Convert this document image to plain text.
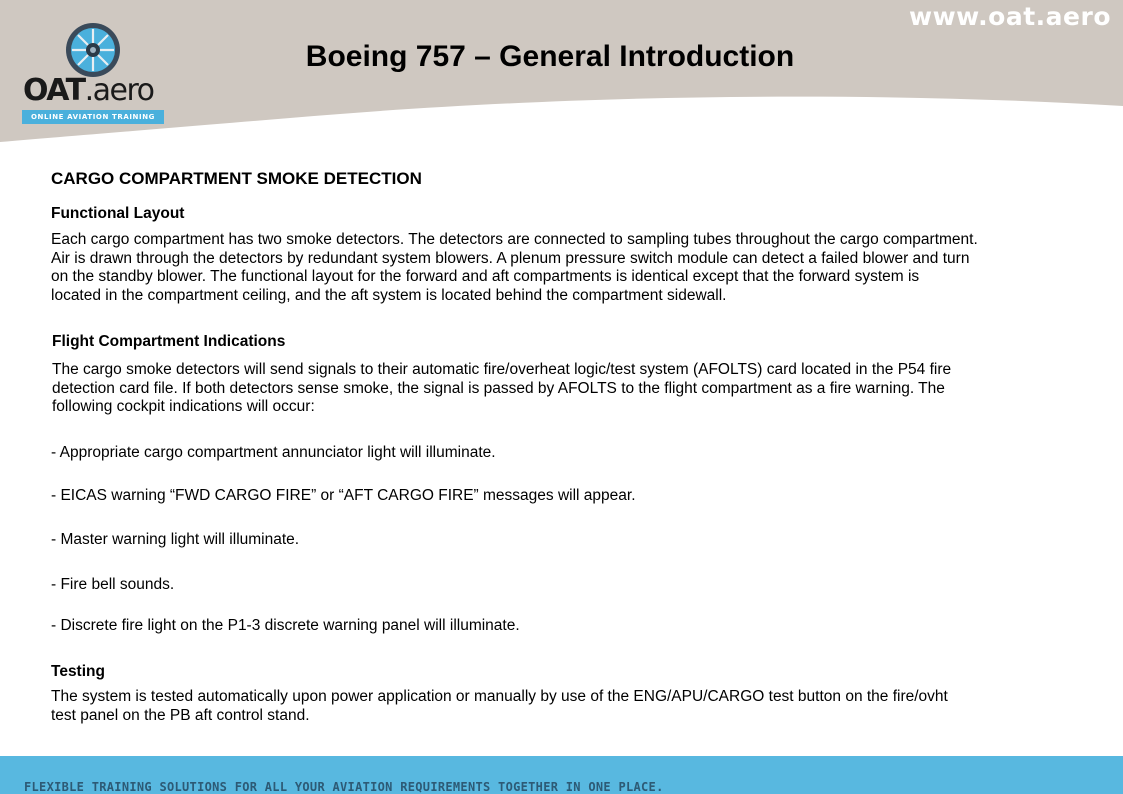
www.oat.aero
OAT.aero
ONLINE AVIATION TRAINING
Boeing 757 – General Introduction
CARGO COMPARTMENT SMOKE DETECTION
Functional Layout
Each cargo compartment has two smoke detectors. The detectors are connected to sampling tubes throughout the cargo compartment.
Air is drawn through the detectors by redundant system blowers. A plenum pressure switch module can detect a failed blower and turn
on the standby blower. The functional layout for the forward and aft compartments is identical except that the forward system is
located in the compartment ceiling, and the aft system is located behind the compartment sidewall.
Flight Compartment Indications
The cargo smoke detectors will send signals to their automatic fire/overheat logic/test system (AFOLTS) card located in the P54 fire
detection card file. If both detectors sense smoke, the signal is passed by AFOLTS to the flight compartment as a fire warning. The
following cockpit indications will occur:
- Appropriate cargo compartment annunciator light will illuminate.
- EICAS warning “FWD CARGO FIRE” or “AFT CARGO FIRE” messages will appear.
- Master warning light will illuminate.
- Fire bell sounds.
- Discrete fire light on the P1-3 discrete warning panel will illuminate.
Testing
The system is tested automatically upon power application or manually by use of the ENG/APU/CARGO test button on the fire/ovht
test panel on the PB aft control stand.
FLEXIBLE TRAINING SOLUTIONS FOR ALL YOUR AVIATION REQUIREMENTS TOGETHER IN ONE PLACE.
